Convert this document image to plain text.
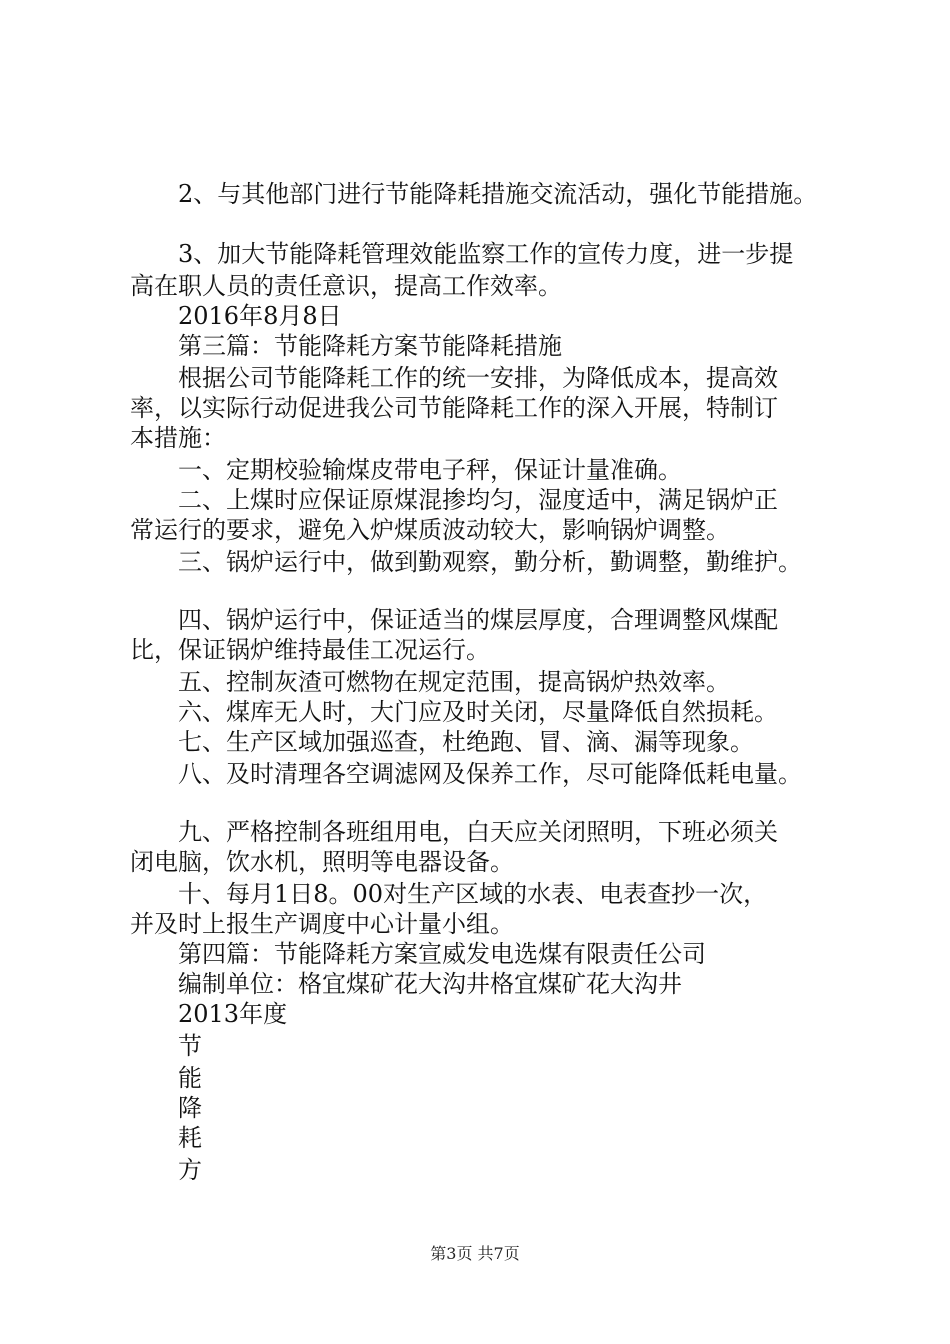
2、与其他部门进行节能降耗措施交流活动，强化节能措施。
3、加大节能降耗管理效能监察工作的宣传力度，进一步提
高在职人员的责任意识，提高工作效率。
2016年8月8日
第三篇：节能降耗方案节能降耗措施
根据公司节能降耗工作的统一安排，为降低成本，提高效
率，以实际行动促进我公司节能降耗工作的深入开展，特制订
本措施：
一、定期校验输煤皮带电子秤，保证计量准确。
二、上煤时应保证原煤混掺均匀，湿度适中，满足锅炉正
常运行的要求，避免入炉煤质波动较大，影响锅炉调整。
三、锅炉运行中，做到勤观察，勤分析，勤调整，勤维护。
四、锅炉运行中，保证适当的煤层厚度，合理调整风煤配
比，保证锅炉维持最佳工况运行。
五、控制灰渣可燃物在规定范围，提高锅炉热效率。
六、煤库无人时，大门应及时关闭，尽量降低自然损耗。
七、生产区域加强巡查，杜绝跑、冒、滴、漏等现象。
八、及时清理各空调滤网及保养工作，尽可能降低耗电量。
九、严格控制各班组用电，白天应关闭照明，下班必须关
闭电脑，饮水机，照明等电器设备。
十、每月1日8。00对生产区域的水表、电表查抄一次，
并及时上报生产调度中心计量小组。
第四篇：节能降耗方案宣威发电选煤有限责任公司
编制单位：格宜煤矿花大沟井格宜煤矿花大沟井
2013年度
节
能
降
耗
方
第3页 共7页
